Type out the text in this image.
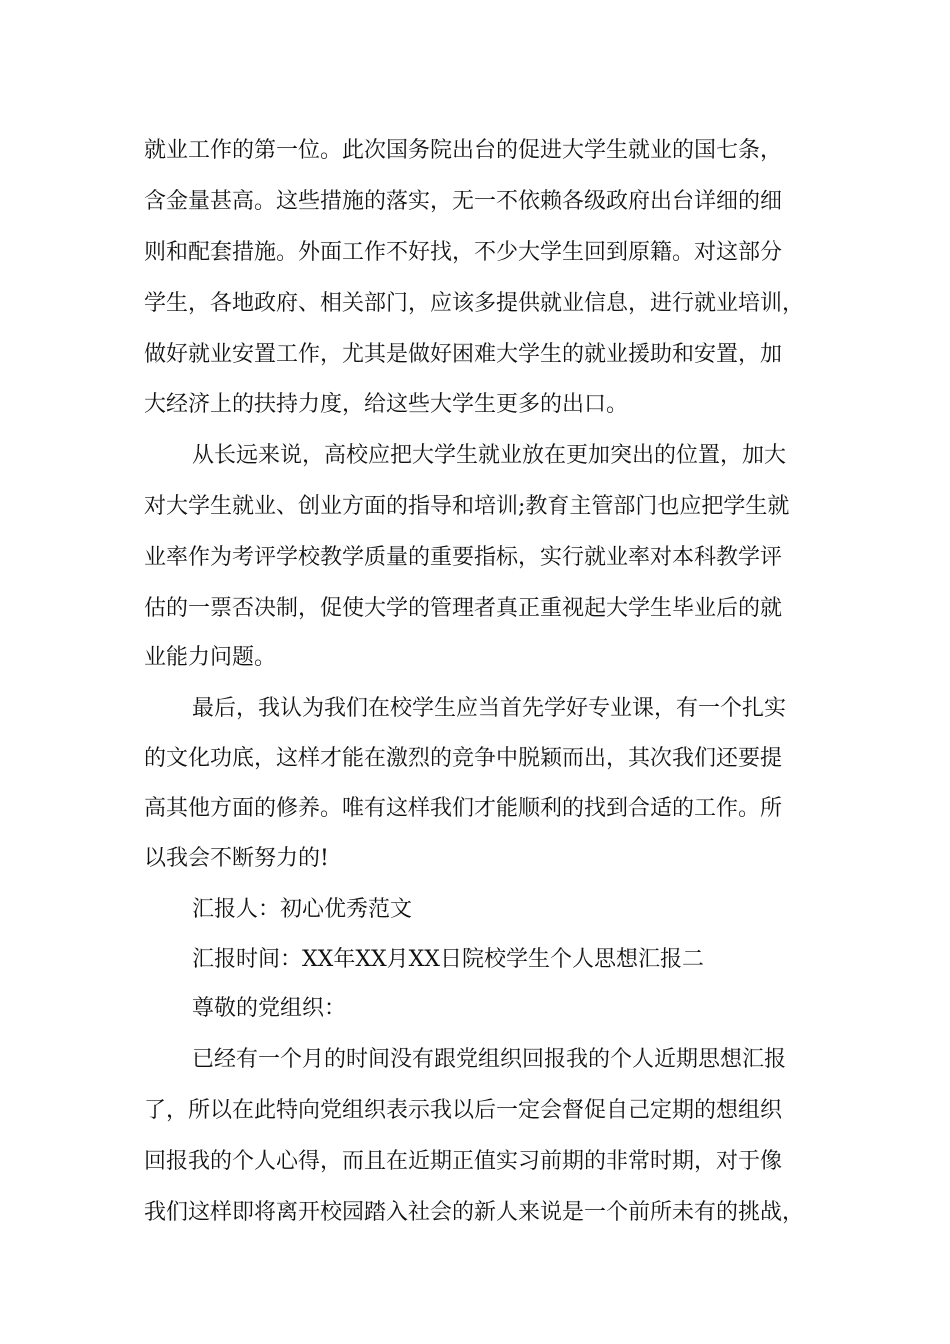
就业工作的第一位。此次国务院出台的促进大学生就业的国七条，
含金量甚高。这些措施的落实，无一不依赖各级政府出台详细的细
则和配套措施。外面工作不好找，不少大学生回到原籍。对这部分
学生，各地政府、相关部门，应该多提供就业信息，进行就业培训，
做好就业安置工作，尤其是做好困难大学生的就业援助和安置，加
大经济上的扶持力度，给这些大学生更多的出口。
从长远来说，高校应把大学生就业放在更加突出的位置，加大
对大学生就业、创业方面的指导和培训;教育主管部门也应把学生就
业率作为考评学校教学质量的重要指标，实行就业率对本科教学评
估的一票否决制，促使大学的管理者真正重视起大学生毕业后的就
业能力问题。
最后，我认为我们在校学生应当首先学好专业课，有一个扎实
的文化功底，这样才能在激烈的竞争中脱颖而出，其次我们还要提
高其他方面的修养。唯有这样我们才能顺利的找到合适的工作。所
以我会不断努力的!
汇报人：初心优秀范文
汇报时间：XX年XX月XX日院校学生个人思想汇报二
尊敬的党组织：
已经有一个月的时间没有跟党组织回报我的个人近期思想汇报
了，所以在此特向党组织表示我以后一定会督促自己定期的想组织
回报我的个人心得，而且在近期正值实习前期的非常时期，对于像
我们这样即将离开校园踏入社会的新人来说是一个前所未有的挑战，
